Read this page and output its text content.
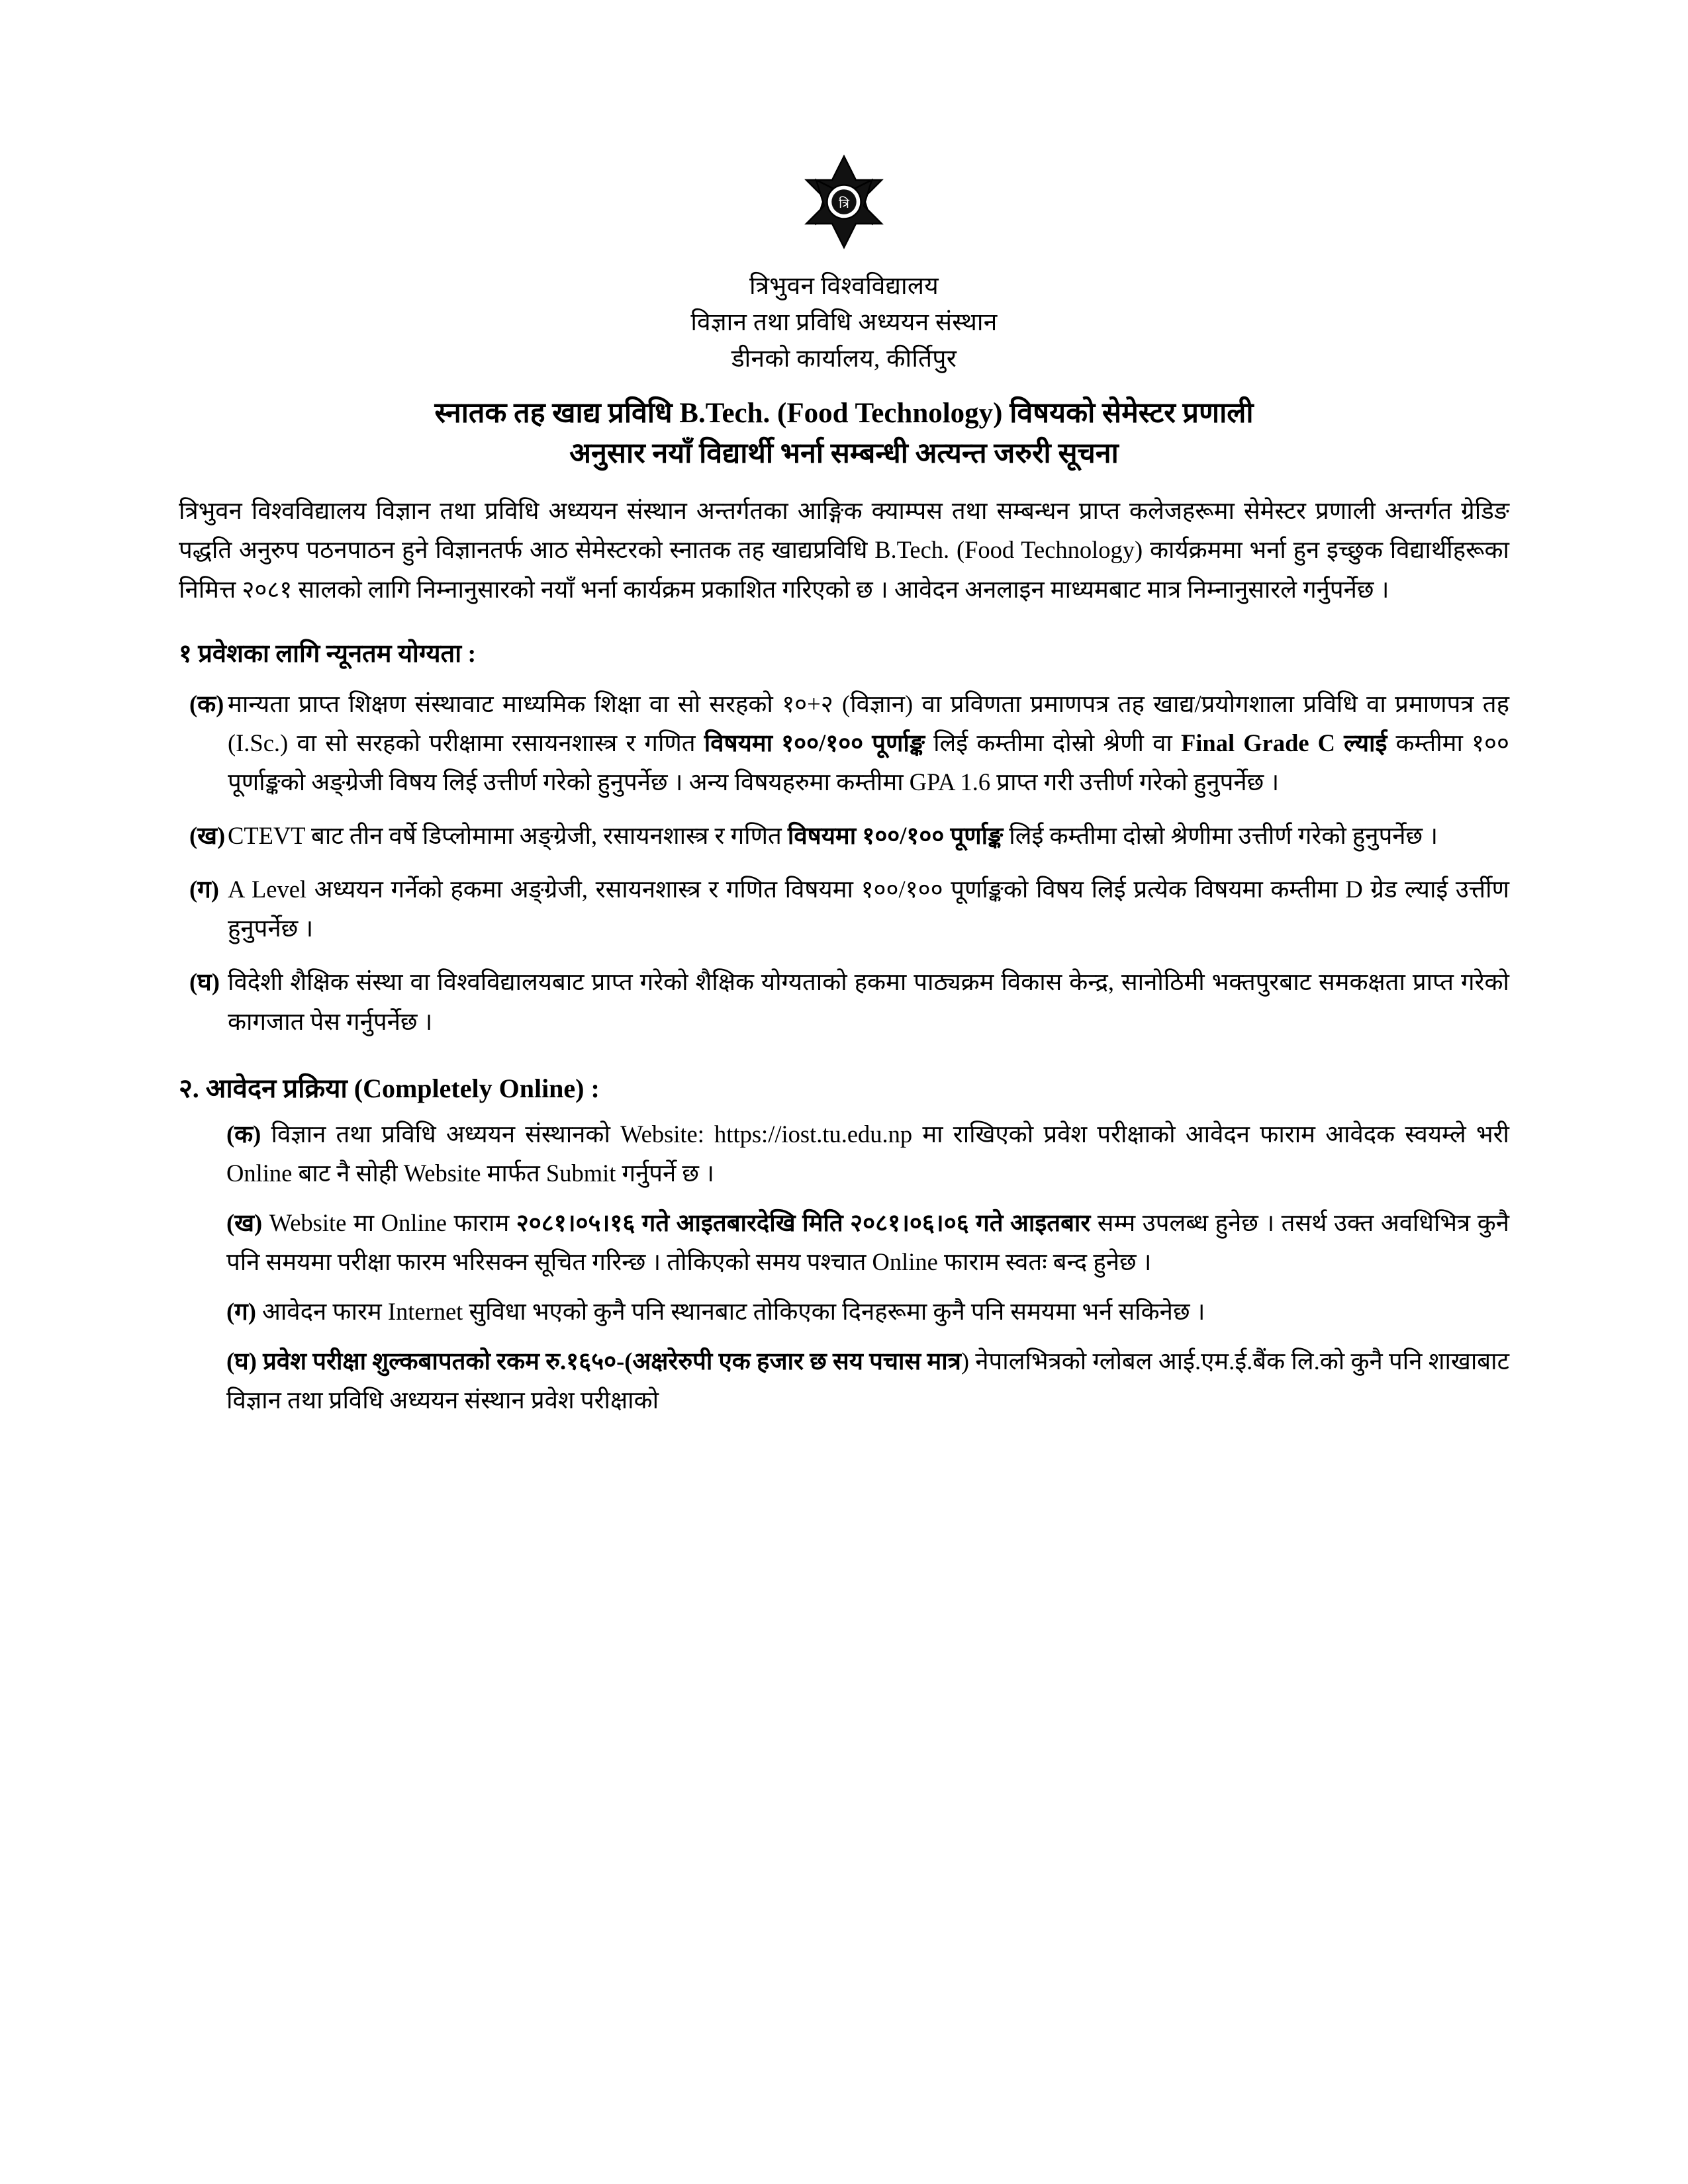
त्रि
त्रिभुवन विश्वविद्यालय
विज्ञान तथा प्रविधि अध्ययन संस्थान
डीनको कार्यालय, कीर्तिपुर
स्नातक तह खाद्य प्रविधि B.Tech. (Food Technology) विषयको सेमेस्टर प्रणाली
अनुसार नयाँ विद्यार्थी भर्ना सम्बन्धी अत्यन्त जरुरी सूचना

त्रिभुवन विश्वविद्यालय विज्ञान तथा प्रविधि अध्ययन संस्थान अन्तर्गतका आङ्गिक क्याम्पस तथा सम्बन्धन प्राप्त कलेजहरूमा सेमेस्टर प्रणाली अन्तर्गत ग्रेडिङ पद्धति अनुरुप पठनपाठन हुने विज्ञानतर्फ आठ सेमेस्टरको स्नातक तह खाद्यप्रविधि B.Tech. (Food Technology) कार्यक्रममा भर्ना हुन इच्छुक विद्यार्थीहरूका निमित्त २०८१ सालको लागि निम्नानुसारको नयाँ भर्ना कार्यक्रम प्रकाशित गरिएको छ । आवेदन अनलाइन माध्यमबाट मात्र निम्नानुसारले गर्नुपर्नेछ ।

१ प्रवेशका लागि न्यूनतम योग्यता :
(क) मान्यता प्राप्त शिक्षण संस्थावाट माध्यमिक शिक्षा वा सो सरहको १०+२ (विज्ञान) वा प्रविणता प्रमाणपत्र तह खाद्य/प्रयोगशाला प्रविधि वा प्रमाणपत्र तह (I.Sc.) वा सो सरहको परीक्षामा रसायनशास्त्र र गणित विषयमा १००/१०० पूर्णाङ्क लिई कम्तीमा दोस्रो श्रेणी वा Final Grade C ल्याई कम्तीमा १०० पूर्णाङ्कको अङ्ग्रेजी विषय लिई उत्तीर्ण गरेको हुनुपर्नेछ । अन्य विषयहरुमा कम्तीमा GPA 1.6 प्राप्त गरी उत्तीर्ण गरेको हुनुपर्नेछ ।
(ख) CTEVT बाट तीन वर्षे डिप्लोमामा अङ्ग्रेजी, रसायनशास्त्र र गणित विषयमा १००/१०० पूर्णाङ्क लिई कम्तीमा दोस्रो श्रेणीमा उत्तीर्ण गरेको हुनुपर्नेछ ।
(ग) A Level अध्ययन गर्नेको हकमा अङ्ग्रेजी, रसायनशास्त्र र गणित विषयमा १००/१०० पूर्णाङ्कको विषय लिई प्रत्येक विषयमा कम्तीमा D ग्रेड ल्याई उर्त्तीण हुनुपर्नेछ ।
(घ) विदेशी शैक्षिक संस्था वा विश्वविद्यालयबाट प्राप्त गरेको शैक्षिक योग्यताको हकमा पाठ्यक्रम विकास केन्द्र, सानोठिमी भक्तपुरबाट समकक्षता प्राप्त गरेको कागजात पेस गर्नुपर्नेछ ।
२. आवेदन प्रक्रिया (Completely Online) :
(क) विज्ञान तथा प्रविधि अध्ययन संस्थानको Website: https://iost.tu.edu.np मा राखिएको प्रवेश परीक्षाको आवेदन फाराम आवेदक स्वयम्ले भरी Online बाट नै सोही Website मार्फत Submit गर्नुपर्ने छ ।
(ख) Website मा Online फाराम २०८१।०५।१६ गते आइतबारदेखि मिति २०८१।०६।०६ गते आइतबार सम्म उपलब्ध हुनेछ । तसर्थ उक्त अवधिभित्र कुनै पनि समयमा परीक्षा फारम भरिसक्न सूचित गरिन्छ । तोकिएको समय पश्चात Online फाराम स्वतः बन्द हुनेछ ।
(ग) आवेदन फारम Internet सुविधा भएको कुनै पनि स्थानबाट तोकिएका दिनहरूमा कुनै पनि समयमा भर्न सकिनेछ ।
(घ) प्रवेश परीक्षा शुल्कबापतको रकम रु.१६५०-(अक्षरेरुपी एक हजार छ सय पचास मात्र) नेपालभित्रको ग्लोबल आई.एम.ई.बैंक लि.को कुनै पनि शाखाबाट विज्ञान तथा प्रविधि अध्ययन संस्थान प्रवेश परीक्षाको
